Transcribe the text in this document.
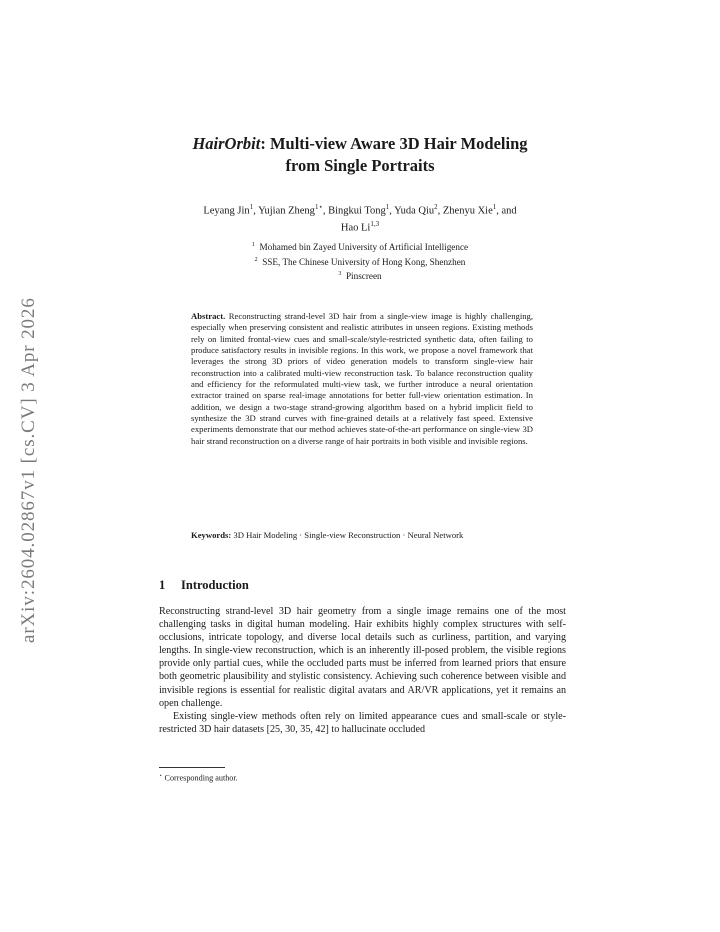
arXiv:2604.02867v1 [cs.CV] 3 Apr 2026
HairOrbit: Multi-view Aware 3D Hair Modeling
from Single Portraits
Leyang Jin$^1$, Yujian Zheng$^{1⋆}$, Bingkui Tong$^1$, Yuda Qiu$^2$, Zhenyu Xie$^1$, and
Hao Li$^{1,3}$
$^1$ Mohamed bin Zayed University of Artificial Intelligence
$^2$ SSE, The Chinese University of Hong Kong, Shenzhen
$^3$ Pinscreen
Abstract. Reconstructing strand-level 3D hair from a single-view image is highly challenging, especially when preserving consistent and realistic attributes in unseen regions. Existing methods rely on limited frontal-view cues and small-scale/style-restricted synthetic data, often failing to produce satisfactory results in invisible regions. In this work, we propose a novel framework that leverages the strong 3D priors of video generation models to transform single-view hair reconstruction into a calibrated multi-view reconstruction task. To balance reconstruction quality and efficiency for the reformulated multi-view task, we further introduce a neural orientation extractor trained on sparse real-image annotations for better full-view orientation estimation. In addition, we design a two-stage strand-growing algorithm based on a hybrid implicit field to synthesize the 3D strand curves with fine-grained details at a relatively fast speed. Extensive experiments demonstrate that our method achieves state-of-the-art performance on single-view 3D hair strand reconstruction on a diverse range of hair portraits in both visible and invisible regions.
Keywords: 3D Hair Modeling · Single-view Reconstruction · Neural Network
1 Introduction

Reconstructing strand-level 3D hair geometry from a single image remains one of the most challenging tasks in digital human modeling. Hair exhibits highly complex structures with self-occlusions, intricate topology, and diverse local details such as curliness, partition, and varying lengths. In single-view reconstruction, which is an inherently ill-posed problem, the visible regions provide only partial cues, while the occluded parts must be inferred from learned priors that ensure both geometric plausibility and stylistic consistency. Achieving such coherence between visible and invisible regions is essential for realistic digital avatars and AR/VR applications, yet it remains an open challenge.

Existing single-view methods often rely on limited appearance cues and small-scale or style-restricted 3D hair datasets [25, 30, 35, 42] to hallucinate occluded

⋆ Corresponding author.
